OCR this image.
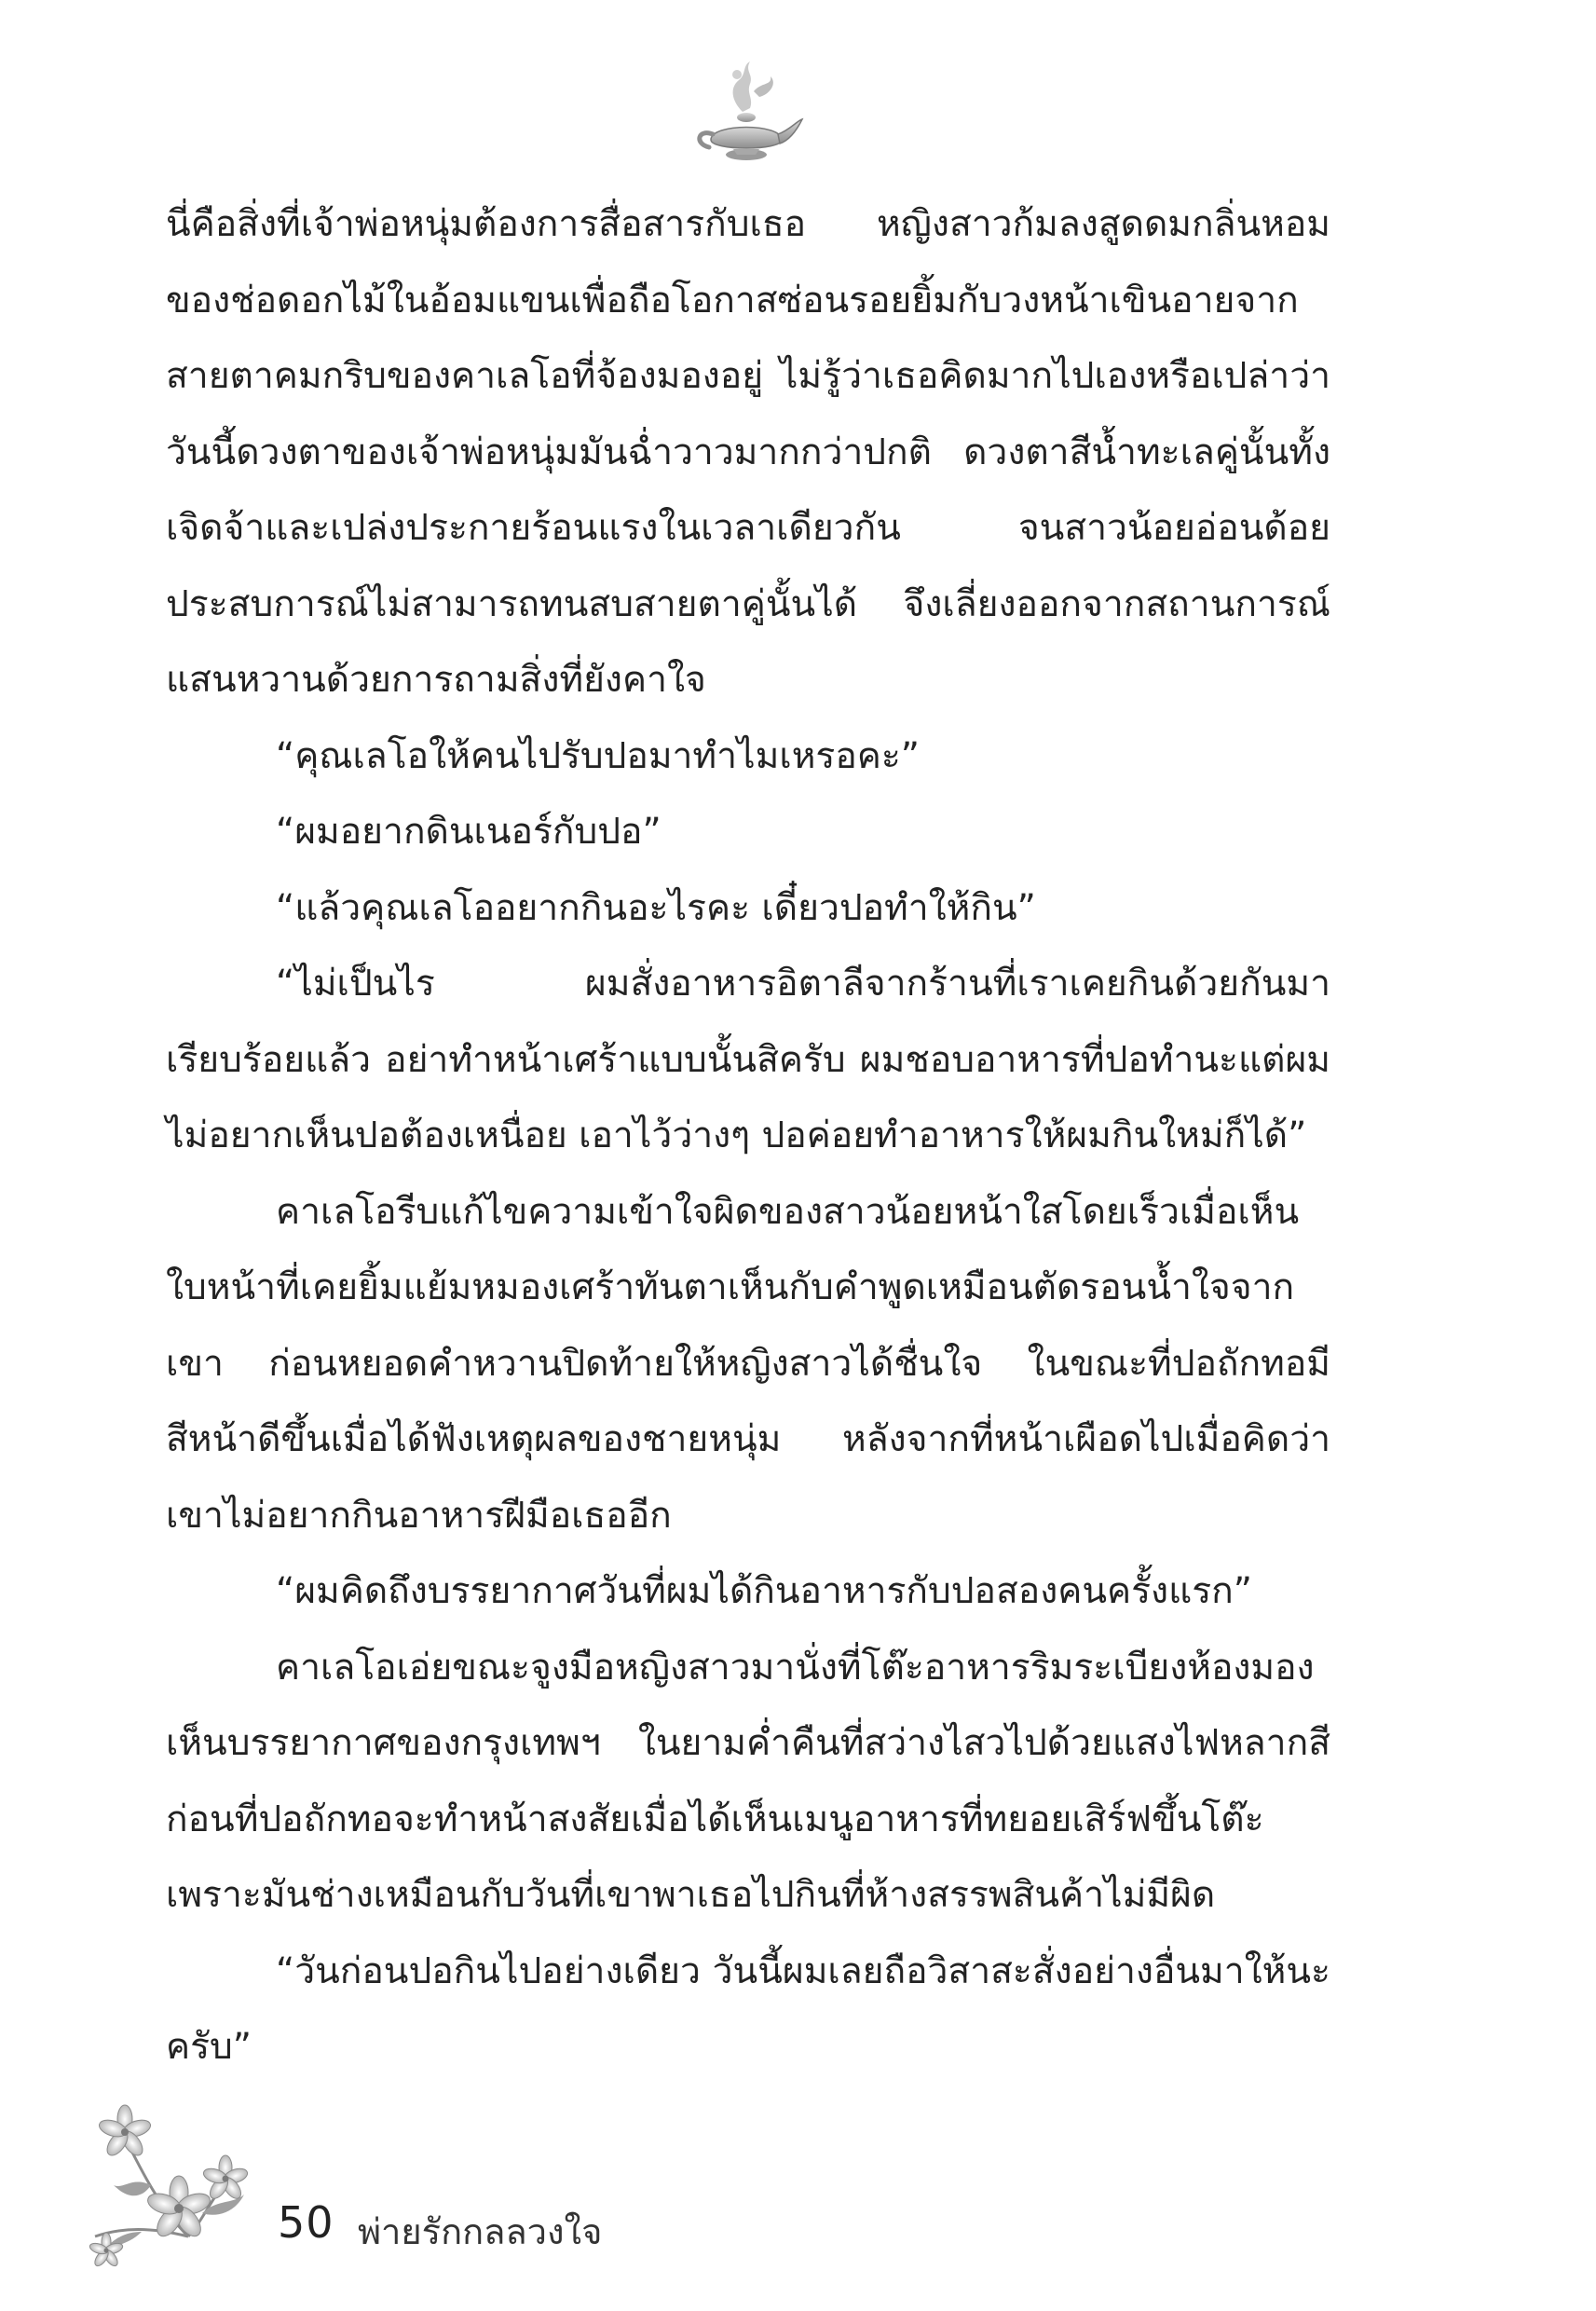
นี่คือสิ่งที่เจ้าพ่อหนุ่มต้องการสื่อสารกับเธอ หญิงสาวก้มลงสูดดมกลิ่นหอมของช่อดอกไม้ในอ้อมแขนเพื่อถือโอกาสซ่อนรอยยิ้มกับวงหน้าเขินอายจากสายตาคมกริบของคาเลโอที่จ้องมองอยู่ ไม่รู้ว่าเธอคิดมากไปเองหรือเปล่าว่าวันนี้ดวงตาของเจ้าพ่อหนุ่มมันฉ่ำวาวมากกว่าปกติ ดวงตาสีน้ำทะเลคู่นั้นทั้งเจิดจ้าและเปล่งประกายร้อนแรงในเวลาเดียวกัน จนสาวน้อยอ่อนด้อยประสบการณ์ไม่สามารถทนสบสายตาคู่นั้นได้ จึงเลี่ยงออกจากสถานการณ์แสนหวานด้วยการถามสิ่งที่ยังคาใจ

“คุณเลโอให้คนไปรับปอมาทำไมเหรอคะ”

“ผมอยากดินเนอร์กับปอ”

“แล้วคุณเลโออยากกินอะไรคะ เดี๋ยวปอทำให้กิน”

“ไม่เป็นไร ผมสั่งอาหารอิตาลีจากร้านที่เราเคยกินด้วยกันมาเรียบร้อยแล้ว อย่าทำหน้าเศร้าแบบนั้นสิครับ ผมชอบอาหารที่ปอทำนะแต่ผมไม่อยากเห็นปอต้องเหนื่อย เอาไว้ว่างๆ ปอค่อยทำอาหารให้ผมกินใหม่ก็ได้”

คาเลโอรีบแก้ไขความเข้าใจผิดของสาวน้อยหน้าใสโดยเร็วเมื่อเห็นใบหน้าที่เคยยิ้มแย้มหมองเศร้าทันตาเห็นกับคำพูดเหมือนตัดรอนน้ำใจจากเขา ก่อนหยอดคำหวานปิดท้ายให้หญิงสาวได้ชื่นใจ ในขณะที่ปอถักทอมีสีหน้าดีขึ้นเมื่อได้ฟังเหตุผลของชายหนุ่ม หลังจากที่หน้าเผือดไปเมื่อคิดว่าเขาไม่อยากกินอาหารฝีมือเธออีก

“ผมคิดถึงบรรยากาศวันที่ผมได้กินอาหารกับปอสองคนครั้งแรก”

คาเลโอเอ่ยขณะจูงมือหญิงสาวมานั่งที่โต๊ะอาหารริมระเบียงห้องมองเห็นบรรยากาศของกรุงเทพฯ ในยามค่ำคืนที่สว่างไสวไปด้วยแสงไฟหลากสี ก่อนที่ปอถักทอจะทำหน้าสงสัยเมื่อได้เห็นเมนูอาหารที่ทยอยเสิร์ฟขึ้นโต๊ะ เพราะมันช่างเหมือนกับวันที่เขาพาเธอไปกินที่ห้างสรรพสินค้าไม่มีผิด

“วันก่อนปอกินไปอย่างเดียว วันนี้ผมเลยถือวิสาสะสั่งอย่างอื่นมาให้นะครับ”

50 พ่ายรักกลลวงใจ
